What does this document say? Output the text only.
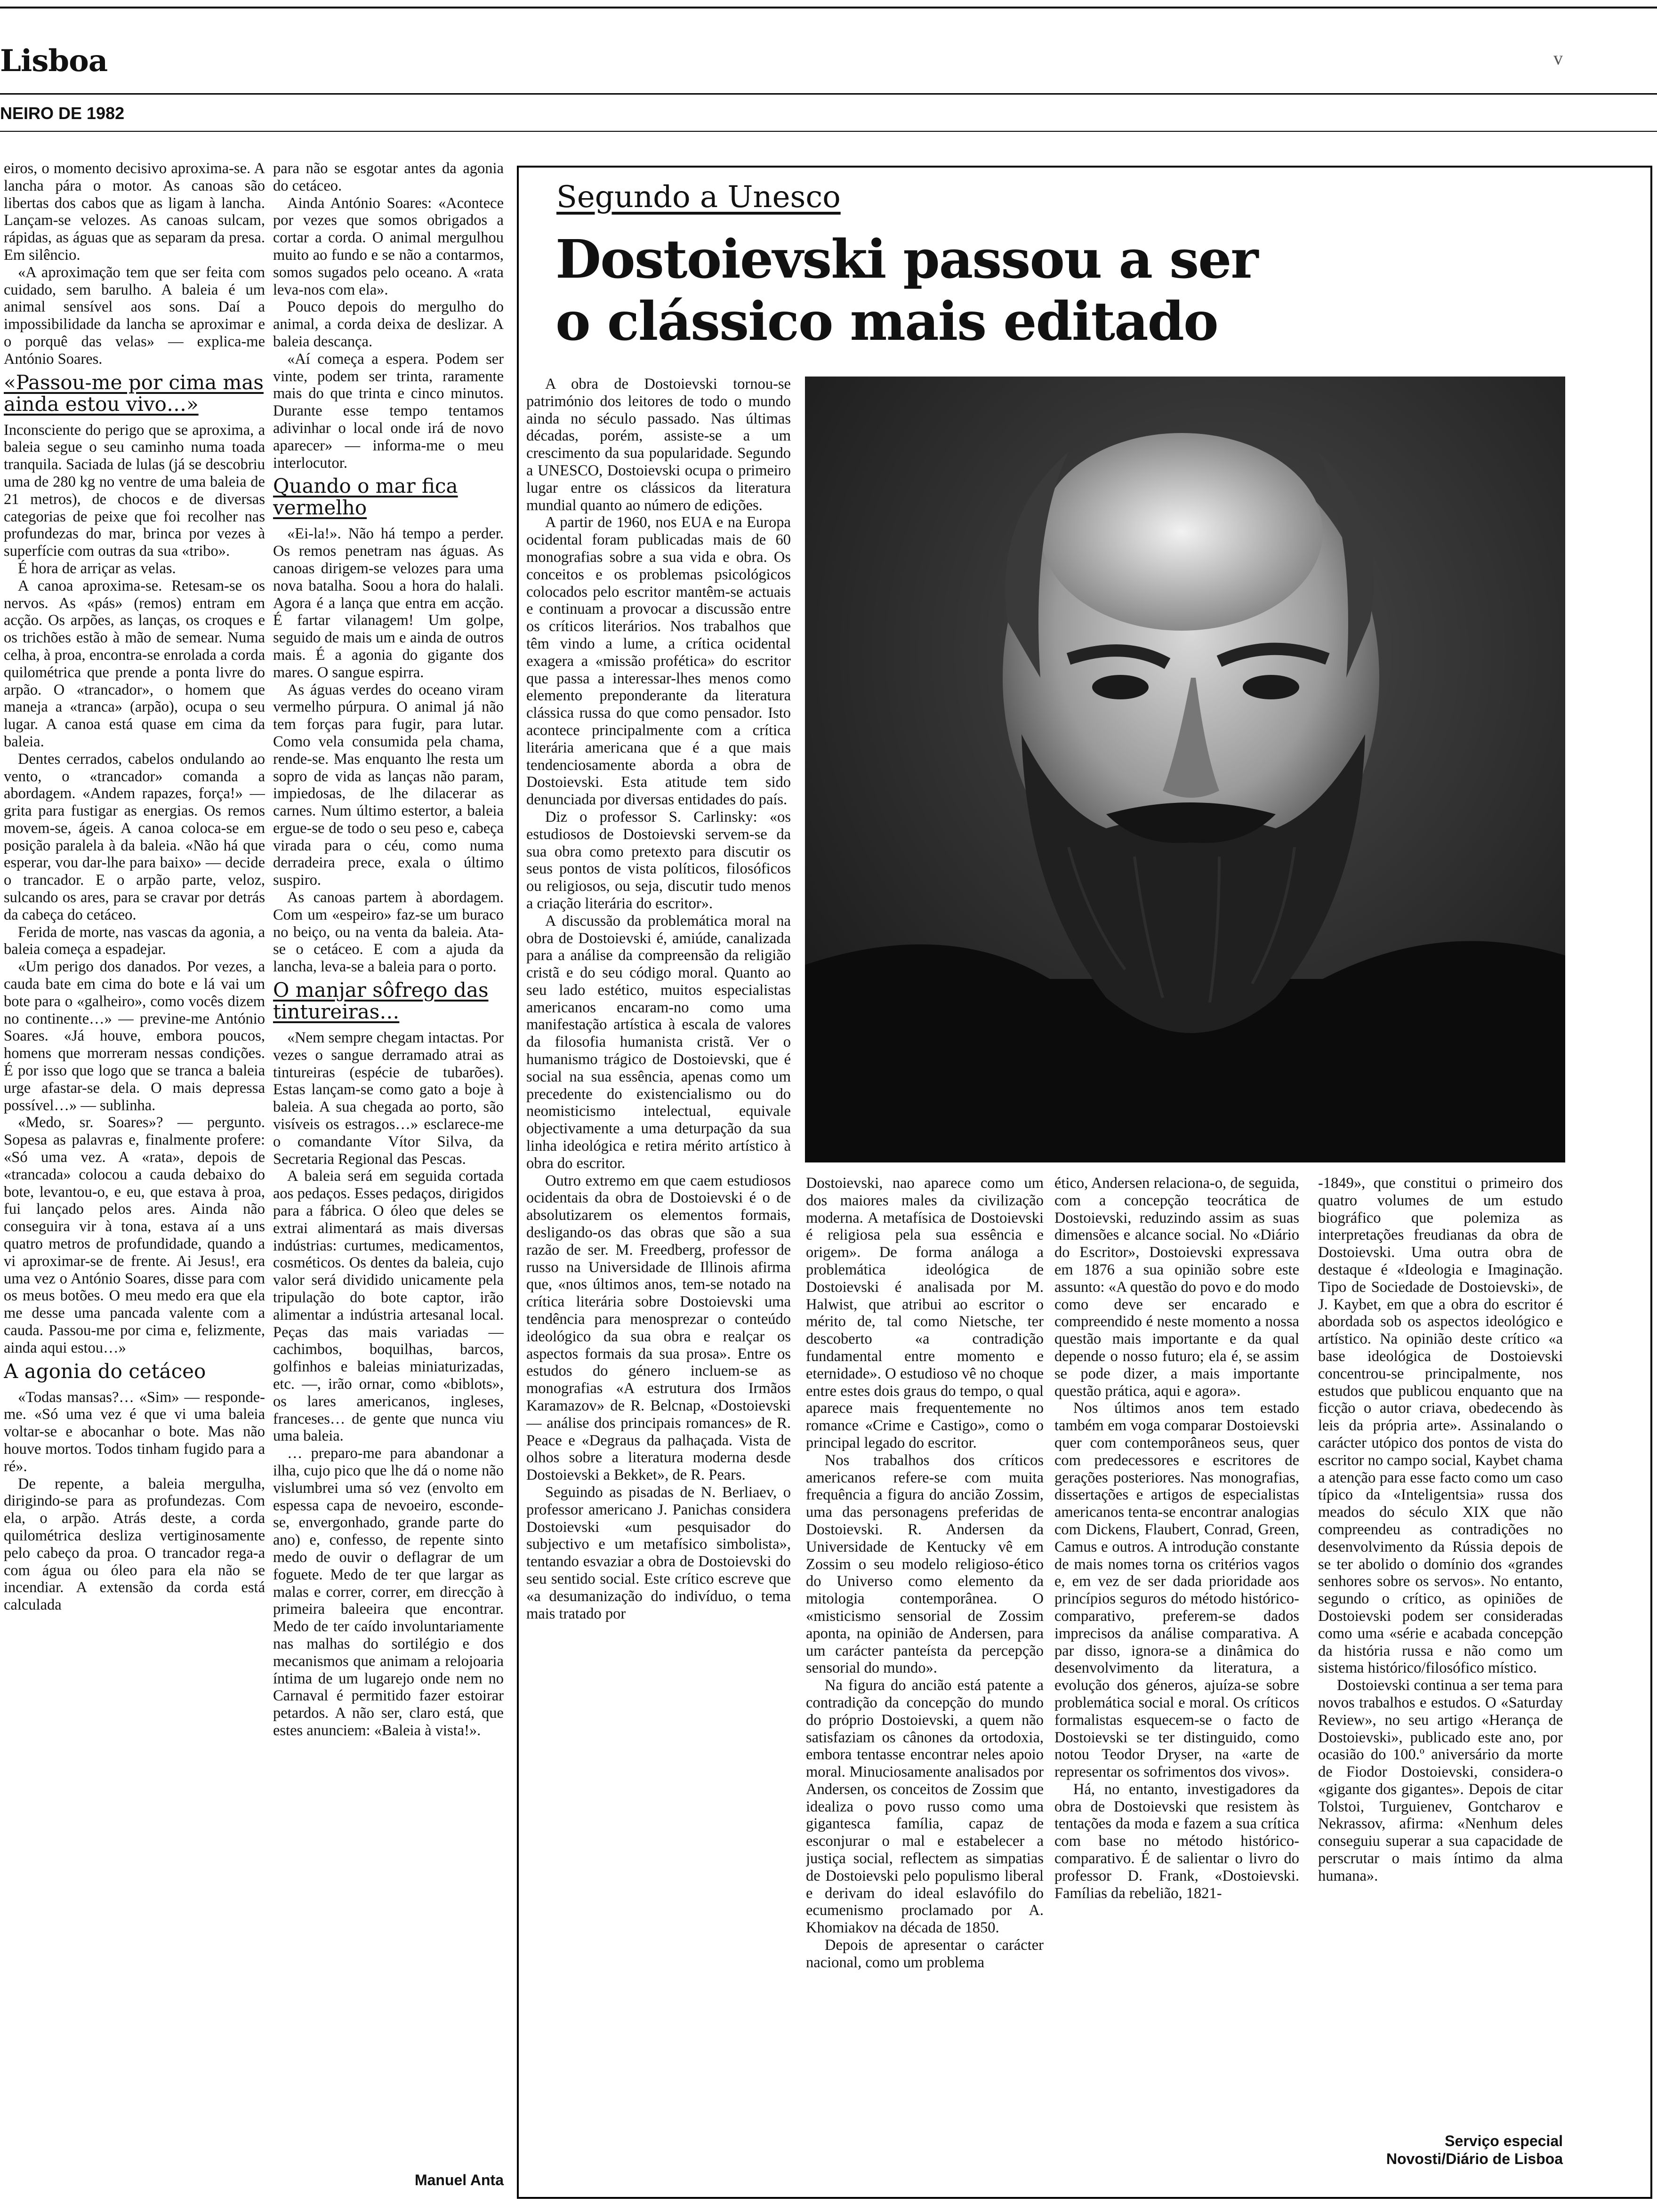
Lisboa	v
NEIRO DE 1982

eiros, o momento decisivo aproxima-se. A lancha pára o motor. As canoas são libertas dos cabos que as ligam à lancha. Lançam-se velozes. As canoas sulcam, rápidas, as águas que as separam da presa. Em silêncio.

«A aproximação tem que ser feita com cuidado, sem barulho. A baleia é um animal sensível aos sons. Daí a impossibilidade da lancha se aproximar e o porquê das velas» — explica-me António Soares.

«Passou-me por cima mas ainda estou vivo…»

Inconsciente do perigo que se aproxima, a baleia segue o seu caminho numa toada tranquila. Saciada de lulas (já se descobriu uma de 280 kg no ventre de uma baleia de 21 metros), de chocos e de diversas categorias de peixe que foi recolher nas profundezas do mar, brinca por vezes à superfície com outras da sua «tribo».

É hora de arriçar as velas.

A canoa aproxima-se. Retesam-se os nervos. As «pás» (remos) entram em acção. Os arpões, as lanças, os croques e os trichões estão à mão de semear. Numa celha, à proa, encontra-se enrolada a corda quilométrica que prende a ponta livre do arpão. O «trancador», o homem que maneja a «tranca» (arpão), ocupa o seu lugar. A canoa está quase em cima da baleia.

Dentes cerrados, cabelos ondulando ao vento, o «trancador» comanda a abordagem. «Andem rapazes, força!» — grita para fustigar as energias. Os remos movem-se, ágeis. A canoa coloca-se em posição paralela à da baleia. «Não há que esperar, vou dar-lhe para baixo» — decide o trancador. E o arpão parte, veloz, sulcando os ares, para se cravar por detrás da cabeça do cetáceo.

Ferida de morte, nas vascas da agonia, a baleia começa a espadejar.

«Um perigo dos danados. Por vezes, a cauda bate em cima do bote e lá vai um bote para o «galheiro», como vocês dizem no continente…» — previne-me António Soares. «Já houve, embora poucos, homens que morreram nessas condições. É por isso que logo que se tranca a baleia urge afastar-se dela. O mais depressa possível…» — sublinha.

«Medo, sr. Soares»? — pergunto. Sopesa as palavras e, finalmente profere: «Só uma vez. A «rata», depois de «trancada» colocou a cauda debaixo do bote, levantou-o, e eu, que estava à proa, fui lançado pelos ares. Ainda não conseguira vir à tona, estava aí a uns quatro metros de profundidade, quando a vi aproximar-se de frente. Ai Jesus!, era uma vez o António Soares, disse para com os meus botões. O meu medo era que ela me desse uma pancada valente com a cauda. Passou-me por cima e, felizmente, ainda aqui estou…»

A agonia do cetáceo

«Todas mansas?… «Sim» — responde-me. «Só uma vez é que vi uma baleia voltar-se e abocanhar o bote. Mas não houve mortos. Todos tinham fugido para a ré».

De repente, a baleia mergulha, dirigindo-se para as profundezas. Com ela, o arpão. Atrás deste, a corda quilométrica desliza vertiginosamente pelo cabeço da proa. O trancador rega-a com água ou óleo para ela não se incendiar. A extensão da corda está calculada

para não se esgotar antes da agonia do cetáceo.

Ainda António Soares: «Acontece por vezes que somos obrigados a cortar a corda. O animal mergulhou muito ao fundo e se não a contarmos, somos sugados pelo oceano. A «rata leva-nos com ela».

Pouco depois do mergulho do animal, a corda deixa de deslizar. A baleia descança.

«Aí começa a espera. Podem ser vinte, podem ser trinta, raramente mais do que trinta e cinco minutos. Durante esse tempo tentamos adivinhar o local onde irá de novo aparecer» — informa-me o meu interlocutor.

Quando o mar fica vermelho

«Ei-la!». Não há tempo a perder. Os remos penetram nas águas. As canoas dirigem-se velozes para uma nova batalha. Soou a hora do halali. Agora é a lança que entra em acção. É fartar vilanagem! Um golpe, seguido de mais um e ainda de outros mais. É a agonia do gigante dos mares. O sangue espirra.

As águas verdes do oceano viram vermelho púrpura. O animal já não tem forças para fugir, para lutar. Como vela consumida pela chama, rende-se. Mas enquanto lhe resta um sopro de vida as lanças não param, impiedosas, de lhe dilacerar as carnes. Num último estertor, a baleia ergue-se de todo o seu peso e, cabeça virada para o céu, como numa derradeira prece, exala o último suspiro.

As canoas partem à abordagem. Com um «espeiro» faz-se um buraco no beiço, ou na venta da baleia. Ata-se o cetáceo. E com a ajuda da lancha, leva-se a baleia para o porto.

O manjar sôfrego das tintureiras…

«Nem sempre chegam intactas. Por vezes o sangue derramado atrai as tintureiras (espécie de tubarões). Estas lançam-se como gato a boje à baleia. A sua chegada ao porto, são visíveis os estragos…» esclarece-me o comandante Vítor Silva, da Secretaria Regional das Pescas.

A baleia será em seguida cortada aos pedaços. Esses pedaços, dirigidos para a fábrica. O óleo que deles se extrai alimentará as mais diversas indústrias: curtumes, medicamentos, cosméticos. Os dentes da baleia, cujo valor será dividido unicamente pela tripulação do bote captor, irão alimentar a indústria artesanal local. Peças das mais variadas — cachimbos, boquilhas, barcos, golfinhos e baleias miniaturizadas, etc. —, irão ornar, como «biblots», os lares americanos, ingleses, franceses… de gente que nunca viu uma baleia.

… preparo-me para abandonar a ilha, cujo pico que lhe dá o nome não vislumbrei uma só vez (envolto em espessa capa de nevoeiro, esconde-se, envergonhado, grande parte do ano) e, confesso, de repente sinto medo de ouvir o deflagrar de um foguete. Medo de ter que largar as malas e correr, correr, em direcção à primeira baleeira que encontrar. Medo de ter caído involuntariamente nas malhas do sortilégio e dos mecanismos que animam a relojoaria íntima de um lugarejo onde nem no Carnaval é permitido fazer estoirar petardos. A não ser, claro está, que estes anunciem: «Baleia à vista!».

Manuel Anta
Segundo a Unesco
Dostoievski passou a ser
o clássico mais editado

A obra de Dostoievski tornou-se património dos leitores de todo o mundo ainda no século passado. Nas últimas décadas, porém, assiste-se a um crescimento da sua popularidade. Segundo a UNESCO, Dostoievski ocupa o primeiro lugar entre os clássicos da literatura mundial quanto ao número de edições.

A partir de 1960, nos EUA e na Europa ocidental foram publicadas mais de 60 monografias sobre a sua vida e obra. Os conceitos e os problemas psicológicos colocados pelo escritor mantêm-se actuais e continuam a provocar a discussão entre os críticos literários. Nos trabalhos que têm vindo a lume, a crítica ocidental exagera a «missão profética» do escritor que passa a interessar-lhes menos como elemento preponderante da literatura clássica russa do que como pensador. Isto acontece principalmente com a crítica literária americana que é a que mais tendenciosamente aborda a obra de Dostoievski. Esta atitude tem sido denunciada por diversas entidades do país.

Diz o professor S. Carlinsky: «os estudiosos de Dostoievski servem-se da sua obra como pretexto para discutir os seus pontos de vista políticos, filosóficos ou religiosos, ou seja, discutir tudo menos a criação literária do escritor».

A discussão da problemática moral na obra de Dostoievski é, amiúde, canalizada para a análise da compreensão da religião cristã e do seu código moral. Quanto ao seu lado estético, muitos especialistas americanos encaram-no como uma manifestação artística à escala de valores da filosofia humanista cristã. Ver o humanismo trágico de Dostoievski, que é social na sua essência, apenas como um precedente do existencialismo ou do neomisticismo intelectual, equivale objectivamente a uma deturpação da sua linha ideológica e retira mérito artístico à obra do escritor.

Outro extremo em que caem estudiosos ocidentais da obra de Dostoievski é o de absolutizarem os elementos formais, desligando-os das obras que são a sua razão de ser. M. Freedberg, professor de russo na Universidade de Illinois afirma que, «nos últimos anos, tem-se notado na crítica literária sobre Dostoievski uma tendência para menosprezar o conteúdo ideológico da sua obra e realçar os aspectos formais da sua prosa». Entre os estudos do género incluem-se as monografias «A estrutura dos Irmãos Karamazov» de R. Belcnap, «Dostoievski — análise dos principais romances» de R. Peace e «Degraus da palhaçada. Vista de olhos sobre a literatura moderna desde Dostoievski a Bekket», de R. Pears.

Seguindo as pisadas de N. Berliaev, o professor americano J. Panichas considera Dostoievski «um pesquisador do subjectivo e um metafísico simbolista», tentando esvaziar a obra de Dostoievski do seu sentido social. Este crítico escreve que «a desumanização do indivíduo, o tema mais tratado por

Dostoievski, nao aparece como um dos maiores males da civilização moderna. A metafísica de Dostoievski é religiosa pela sua essência e origem». De forma análoga a problemática ideológica de Dostoievski é analisada por M. Halwist, que atribui ao escritor o mérito de, tal como Nietsche, ter descoberto «a contradição fundamental entre momento e eternidade». O estudioso vê no choque entre estes dois graus do tempo, o qual aparece mais frequentemente no romance «Crime e Castigo», como o principal legado do escritor.

Nos trabalhos dos críticos americanos refere-se com muita frequência a figura do ancião Zossim, uma das personagens preferidas de Dostoievski. R. Andersen da Universidade de Kentucky vê em Zossim o seu modelo religioso-ético do Universo como elemento da mitologia contemporânea. O «misticismo sensorial de Zossim aponta, na opinião de Andersen, para um carácter panteísta da percepção sensorial do mundo».

Na figura do ancião está patente a contradição da concepção do mundo do próprio Dostoievski, a quem não satisfaziam os cânones da ortodoxia, embora tentasse encontrar neles apoio moral. Minuciosamente analisados por Andersen, os conceitos de Zossim que idealiza o povo russo como uma gigantesca família, capaz de esconjurar o mal e estabelecer a justiça social, reflectem as simpatias de Dostoievski pelo populismo liberal e derivam do ideal eslavófilo do ecumenismo proclamado por A. Khomiakov na década de 1850.

Depois de apresentar o carácter nacional, como um problema

ético, Andersen relaciona-o, de seguida, com a concepção teocrática de Dostoievski, reduzindo assim as suas dimensões e alcance social. No «Diário do Escritor», Dostoievski expressava em 1876 a sua opinião sobre este assunto: «A questão do povo e do modo como deve ser encarado e compreendido é neste momento a nossa questão mais importante e da qual depende o nosso futuro; ela é, se assim se pode dizer, a mais importante questão prática, aqui e agora».

Nos últimos anos tem estado também em voga comparar Dostoievski quer com contemporâneos seus, quer com predecessores e escritores de gerações posteriores. Nas monografias, dissertações e artigos de especialistas americanos tenta-se encontrar analogias com Dickens, Flaubert, Conrad, Green, Camus e outros. A introdução constante de mais nomes torna os critérios vagos e, em vez de ser dada prioridade aos princípios seguros do método histórico-comparativo, preferem-se dados imprecisos da análise comparativa. A par disso, ignora-se a dinâmica do desenvolvimento da literatura, a evolução dos géneros, ajuíza-se sobre problemática social e moral. Os críticos formalistas esquecem-se o facto de Dostoievski se ter distinguido, como notou Teodor Dryser, na «arte de representar os sofrimentos dos vivos».

Há, no entanto, investigadores da obra de Dostoievski que resistem às tentações da moda e fazem a sua crítica com base no método histórico-comparativo. É de salientar o livro do professor D. Frank, «Dostoievski. Famílias da rebelião, 1821-

-1849», que constitui o primeiro dos quatro volumes de um estudo biográfico que polemiza as interpretações freudianas da obra de Dostoievski. Uma outra obra de destaque é «Ideologia e Imaginação. Tipo de Sociedade de Dostoievski», de J. Kaybet, em que a obra do escritor é abordada sob os aspectos ideológico e artístico. Na opinião deste crítico «a base ideológica de Dostoievski concentrou-se principalmente, nos estudos que publicou enquanto que na ficção o autor criava, obedecendo às leis da própria arte». Assinalando o carácter utópico dos pontos de vista do escritor no campo social, Kaybet chama a atenção para esse facto como um caso típico da «Inteligentsia» russa dos meados do século XIX que não compreendeu as contradições no desenvolvimento da Rússia depois de se ter abolido o domínio dos «grandes senhores sobre os servos». No entanto, segundo o crítico, as opiniões de Dostoievski podem ser consideradas como uma «série e acabada concepção da história russa e não como um sistema histórico/filosófico místico.

Dostoievski continua a ser tema para novos trabalhos e estudos. O «Saturday Review», no seu artigo «Herança de Dostoievski», publicado este ano, por ocasião do 100.º aniversário da morte de Fiodor Dostoievski, considera-o «gigante dos gigantes». Depois de citar Tolstoi, Turguienev, Gontcharov e Nekrassov, afirma: «Nenhum deles conseguiu superar a sua capacidade de perscrutar o mais íntimo da alma humana».

Serviço especial
Novosti/Diário de Lisboa
